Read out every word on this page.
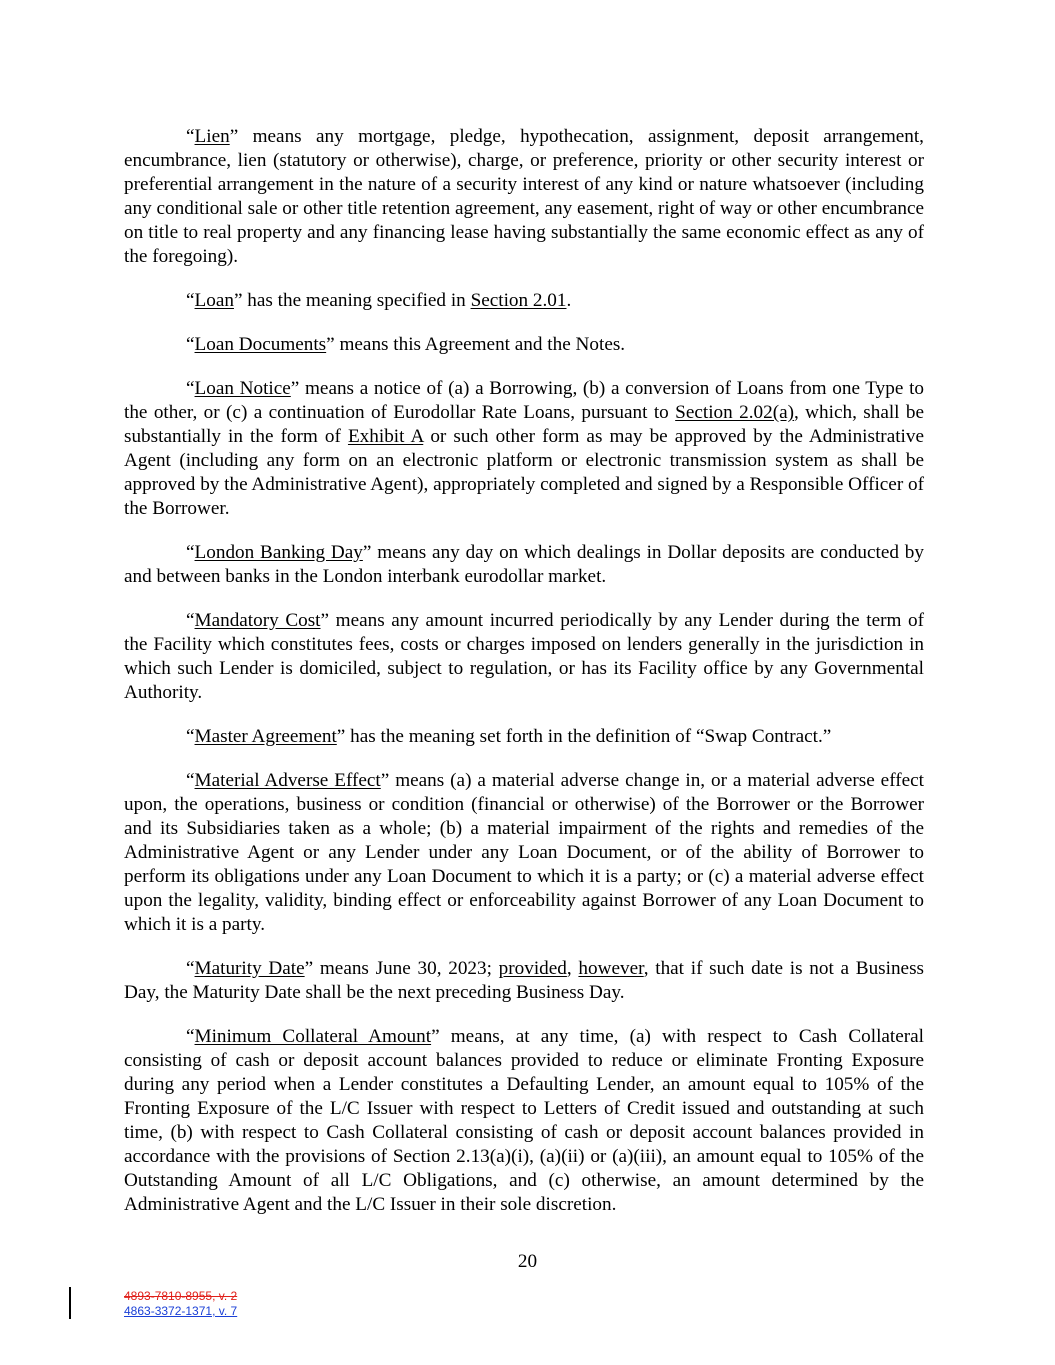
“Lien” means any mortgage, pledge, hypothecation, assignment, deposit arrangement, encumbrance, lien (statutory or otherwise), charge, or preference, priority or other security interest or preferential arrangement in the nature of a security interest of any kind or nature whatsoever (including any conditional sale or other title retention agreement, any easement, right of way or other encumbrance on title to real property and any financing lease having substantially the same economic effect as any of the foregoing).

“Loan” has the meaning specified in Section 2.01.

“Loan Documents” means this Agreement and the Notes.

“Loan Notice” means a notice of (a) a Borrowing, (b) a conversion of Loans from one Type to the other, or (c) a continuation of Eurodollar Rate Loans, pursuant to Section 2.02(a), which, shall be substantially in the form of Exhibit A or such other form as may be approved by the Administrative Agent (including any form on an electronic platform or electronic transmission system as shall be approved by the Administrative Agent), appropriately completed and signed by a Responsible Officer of the Borrower.

“London Banking Day” means any day on which dealings in Dollar deposits are conducted by and between banks in the London interbank eurodollar market.

“Mandatory Cost” means any amount incurred periodically by any Lender during the term of the Facility which constitutes fees, costs or charges imposed on lenders generally in the jurisdiction in which such Lender is domiciled, subject to regulation, or has its Facility office by any Governmental Authority.

“Master Agreement” has the meaning set forth in the definition of “Swap Contract.”

“Material Adverse Effect” means (a) a material adverse change in, or a material adverse effect upon, the operations, business or condition (financial or otherwise) of the Borrower or the Borrower and its Subsidiaries taken as a whole; (b) a material impairment of the rights and remedies of the Administrative Agent or any Lender under any Loan Document, or of the ability of Borrower to perform its obligations under any Loan Document to which it is a party; or (c) a material adverse effect upon the legality, validity, binding effect or enforceability against Borrower of any Loan Document to which it is a party.

“Maturity Date” means June 30, 2023; provided, however, that if such date is not a Business Day, the Maturity Date shall be the next preceding Business Day.

“Minimum Collateral Amount” means, at any time, (a) with respect to Cash Collateral consisting of cash or deposit account balances provided to reduce or eliminate Fronting Exposure during any period when a Lender constitutes a Defaulting Lender, an amount equal to 105% of the Fronting Exposure of the L/C Issuer with respect to Letters of Credit issued and outstanding at such time, (b) with respect to Cash Collateral consisting of cash or deposit account balances provided in accordance with the provisions of Section 2.13(a)(i), (a)(ii) or (a)(iii), an amount equal to 105% of the Outstanding Amount of all L/C Obligations, and (c) otherwise, an amount determined by the Administrative Agent and the L/C Issuer in their sole discretion.

20
4893-7810-8955, v. 2
4863-3372-1371, v. 7
